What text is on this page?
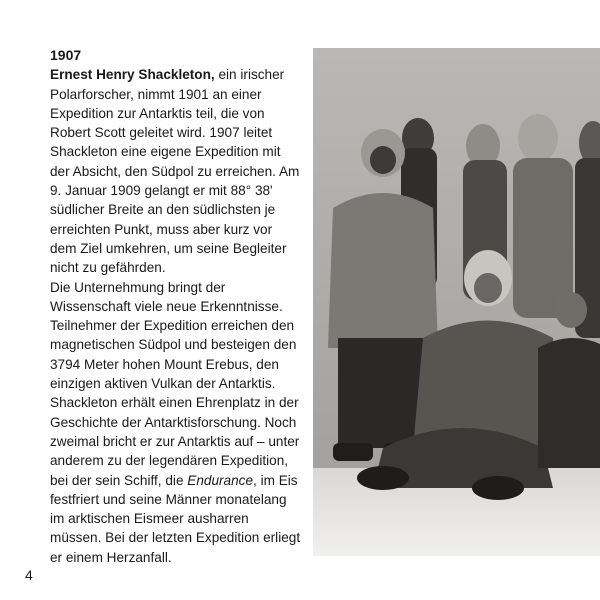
1907

Ernest Henry Shackleton, ein irischer Polarforscher, nimmt 1901 an einer Expedition zur Antarktis teil, die von Robert Scott geleitet wird. 1907 leitet Shackleton eine eigene Expedition mit der Absicht, den Südpol zu erreichen. Am 9. Januar 1909 gelangt er mit 88° 38' südlicher Breite an den südlichsten je erreichten Punkt, muss aber kurz vor dem Ziel umkehren, um seine Begleiter nicht zu gefährden.

Die Unternehmung bringt der Wissenschaft viele neue Erkenntnisse. Teilnehmer der Expedition erreichen den magnetischen Südpol und besteigen den 3794 Meter hohen Mount Erebus, den einzigen aktiven Vulkan der Antarktis.

Shackleton erhält einen Ehrenplatz in der Geschichte der Antarktisforschung. Noch zweimal bricht er zur Antarktis auf – unter anderem zu der legendären Expedition, bei der sein Schiff, die Endurance, im Eis festfriert und seine Männer monatelang im arktischen Eismeer ausharren müssen. Bei der letzten Expedition erliegt er einem Herzanfall.

4
